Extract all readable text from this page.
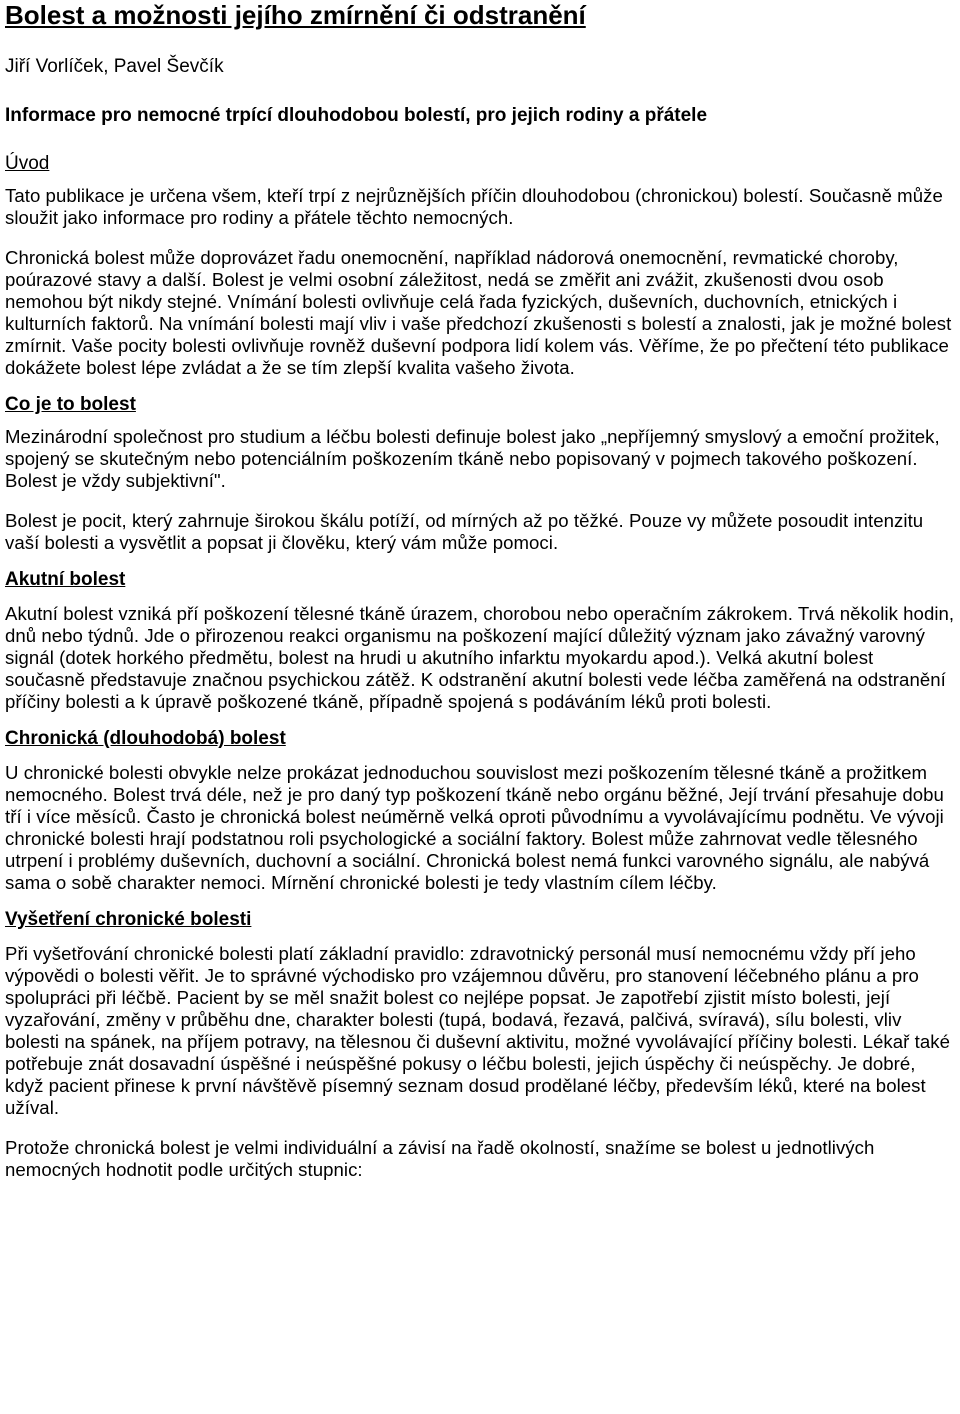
Bolest a možnosti jejího zmírnění či odstranění
Jiří Vorlíček, Pavel Ševčík
Informace pro nemocné trpící dlouhodobou bolestí, pro jejich rodiny a přátele
Úvod

Tato publikace je určena všem, kteří trpí z nejrůznějších příčin dlouhodobou (chronickou) bolestí. Současně může sloužit jako informace pro rodiny a přátele těchto nemocných.

Chronická bolest může doprovázet řadu onemocnění, například nádorová onemocnění, revmatické choroby, poúrazové stavy a další. Bolest je velmi osobní záležitost, nedá se změřit ani zvážit, zkušenosti dvou osob nemohou být nikdy stejné. Vnímání bolesti ovlivňuje celá řada fyzických, duševních, duchovních, etnických i kulturních faktorů. Na vnímání bolesti mají vliv i vaše předchozí zkušenosti s bolestí a znalosti, jak je možné bolest zmírnit. Vaše pocity bolesti ovlivňuje rovněž duševní podpora lidí kolem vás. Věříme, že po přečtení této publikace dokážete bolest lépe zvládat a že se tím zlepší kvalita vašeho života.

Co je to bolest

Mezinárodní společnost pro studium a léčbu bolesti definuje bolest jako „nepříjemný smyslový a emoční prožitek, spojený se skutečným nebo potenciálním poškozením tkáně nebo popisovaný v pojmech takového poškození. Bolest je vždy subjektivní".

Bolest je pocit, který zahrnuje širokou škálu potíží, od mírných až po těžké. Pouze vy můžete posoudit intenzitu vaší bolesti a vysvětlit a popsat ji člověku, který vám může pomoci.

Akutní bolest

Akutní bolest vzniká pří poškození tělesné tkáně úrazem, chorobou nebo operačním zákrokem. Trvá několik hodin, dnů nebo týdnů. Jde o přirozenou reakci organismu na poškození mající důležitý význam jako závažný varovný signál (dotek horkého předmětu, bolest na hrudi u akutního infarktu myokardu apod.). Velká akutní bolest současně představuje značnou psychickou zátěž. K odstranění akutní bolesti vede léčba zaměřená na odstranění příčiny bolesti a k úpravě poškozené tkáně, případně spojená s podáváním léků proti bolesti.

Chronická (dlouhodobá) bolest

U chronické bolesti obvykle nelze prokázat jednoduchou souvislost mezi poškozením tělesné tkáně a prožitkem nemocného. Bolest trvá déle, než je pro daný typ poškození tkáně nebo orgánu běžné, Její trvání přesahuje dobu tří i více měsíců. Často je chronická bolest neúměrně velká oproti původnímu a vyvolávajícímu podnětu. Ve vývoji chronické bolesti hrají podstatnou roli psychologické a sociální faktory. Bolest může zahrnovat vedle tělesného utrpení i problémy duševních, duchovní a sociální. Chronická bolest nemá funkci varovného signálu, ale nabývá sama o sobě charakter nemoci. Mírnění chronické bolesti je tedy vlastním cílem léčby.

Vyšetření chronické bolesti

Při vyšetřování chronické bolesti platí základní pravidlo: zdravotnický personál musí nemocnému vždy pří jeho výpovědi o bolesti věřit. Je to správné východisko pro vzájemnou důvěru, pro stanovení léčebného plánu a pro spolupráci při léčbě. Pacient by se měl snažit bolest co nejlépe popsat. Je zapotřebí zjistit místo bolesti, její vyzařování, změny v průběhu dne, charakter bolesti (tupá, bodavá, řezavá, palčivá, svíravá), sílu bolesti, vliv bolesti na spánek, na příjem potravy, na tělesnou či duševní aktivitu, možné vyvolávající příčiny bolesti. Lékař také potřebuje znát dosavadní úspěšné i neúspěšné pokusy o léčbu bolesti, jejich úspěchy či neúspěchy. Je dobré, když pacient přinese k první návštěvě písemný seznam dosud prodělané léčby, především léků, které na bolest užíval.

Protože chronická bolest je velmi individuální a závisí na řadě okolností, snažíme se bolest u jednotlivých nemocných hodnotit podle určitých stupnic:
